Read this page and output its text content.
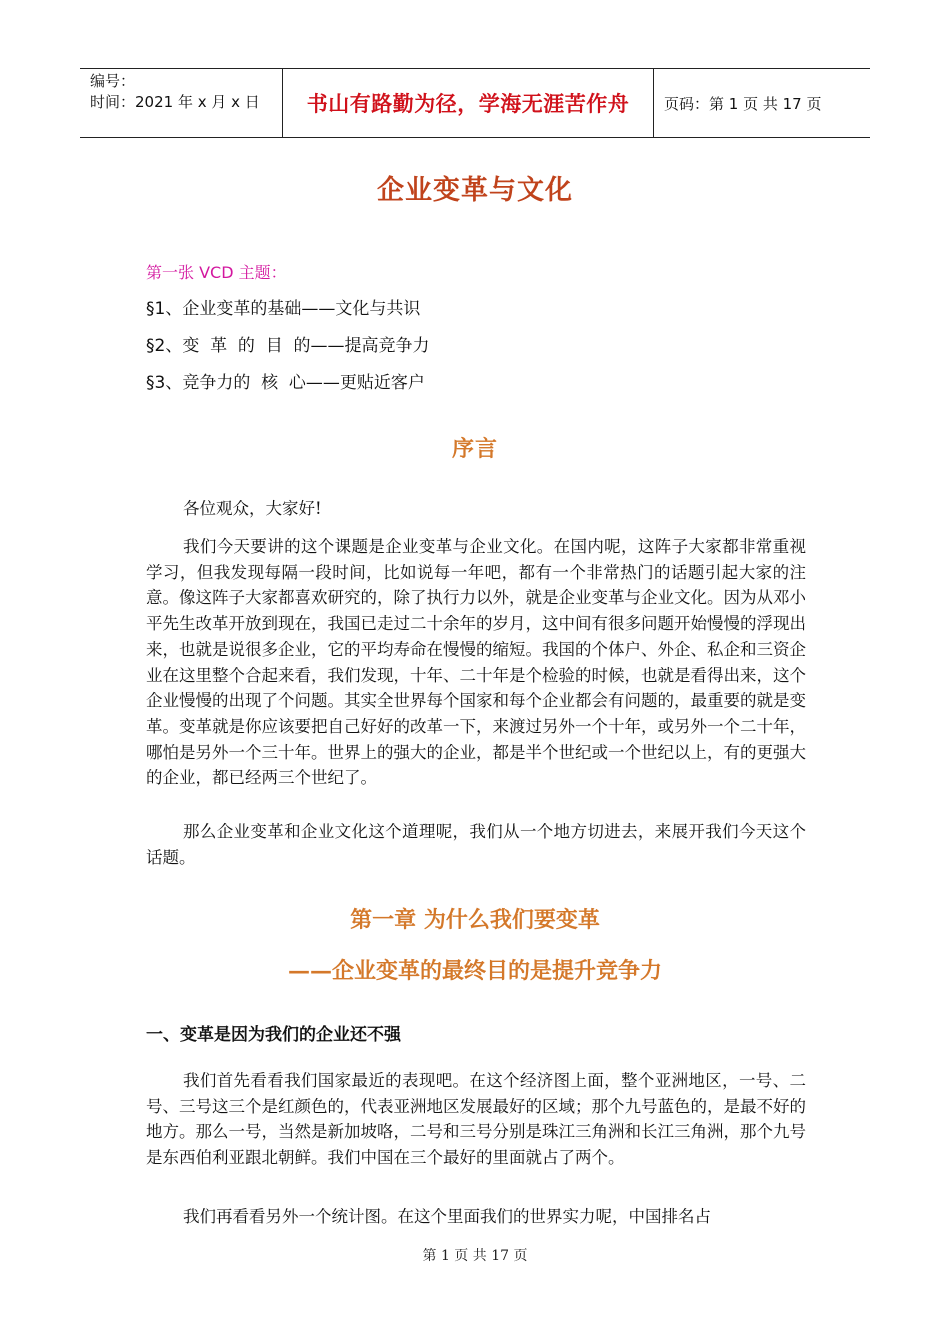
编号：
时间：2021 年 x 月 x 日	书山有路勤为径，学海无涯苦作舟	页码：第 1 页 共 17 页
企业变革与文化
第一张 VCD 主题：
§1、企业变革的基础——文化与共识
§2、变  革  的  目  的——提高竞争力
§3、竞争力的  核  心——更贴近客户
序言

各位观众，大家好!

我们今天要讲的这个课题是企业变革与企业文化。在国内呢，这阵子大家都非常重视学习，但我发现每隔一段时间，比如说每一年吧，都有一个非常热门的话题引起大家的注意。像这阵子大家都喜欢研究的，除了执行力以外，就是企业变革与企业文化。因为从邓小平先生改革开放到现在，我国已走过二十余年的岁月，这中间有很多问题开始慢慢的浮现出来，也就是说很多企业，它的平均寿命在慢慢的缩短。我国的个体户、外企、私企和三资企业在这里整个合起来看，我们发现，十年、二十年是个检验的时候，也就是看得出来，这个企业慢慢的出现了个问题。其实全世界每个国家和每个企业都会有问题的，最重要的就是变革。变革就是你应该要把自己好好的改革一下，来渡过另外一个十年，或另外一个二十年，哪怕是另外一个三十年。世界上的强大的企业，都是半个世纪或一个世纪以上，有的更强大的企业，都已经两三个世纪了。

那么企业变革和企业文化这个道理呢，我们从一个地方切进去，来展开我们今天这个话题。

第一章 为什么我们要变革
——企业变革的最终目的是提升竞争力
一、变革是因为我们的企业还不强

我们首先看看我们国家最近的表现吧。在这个经济图上面，整个亚洲地区，一号、二号、三号这三个是红颜色的，代表亚洲地区发展最好的区域；那个九号蓝色的，是最不好的地方。那么一号，当然是新加坡咯，二号和三号分别是珠江三角洲和长江三角洲，那个九号是东西伯利亚跟北朝鲜。我们中国在三个最好的里面就占了两个。

我们再看看另外一个统计图。在这个里面我们的世界实力呢，中国排名占

第 1 页 共 17 页
